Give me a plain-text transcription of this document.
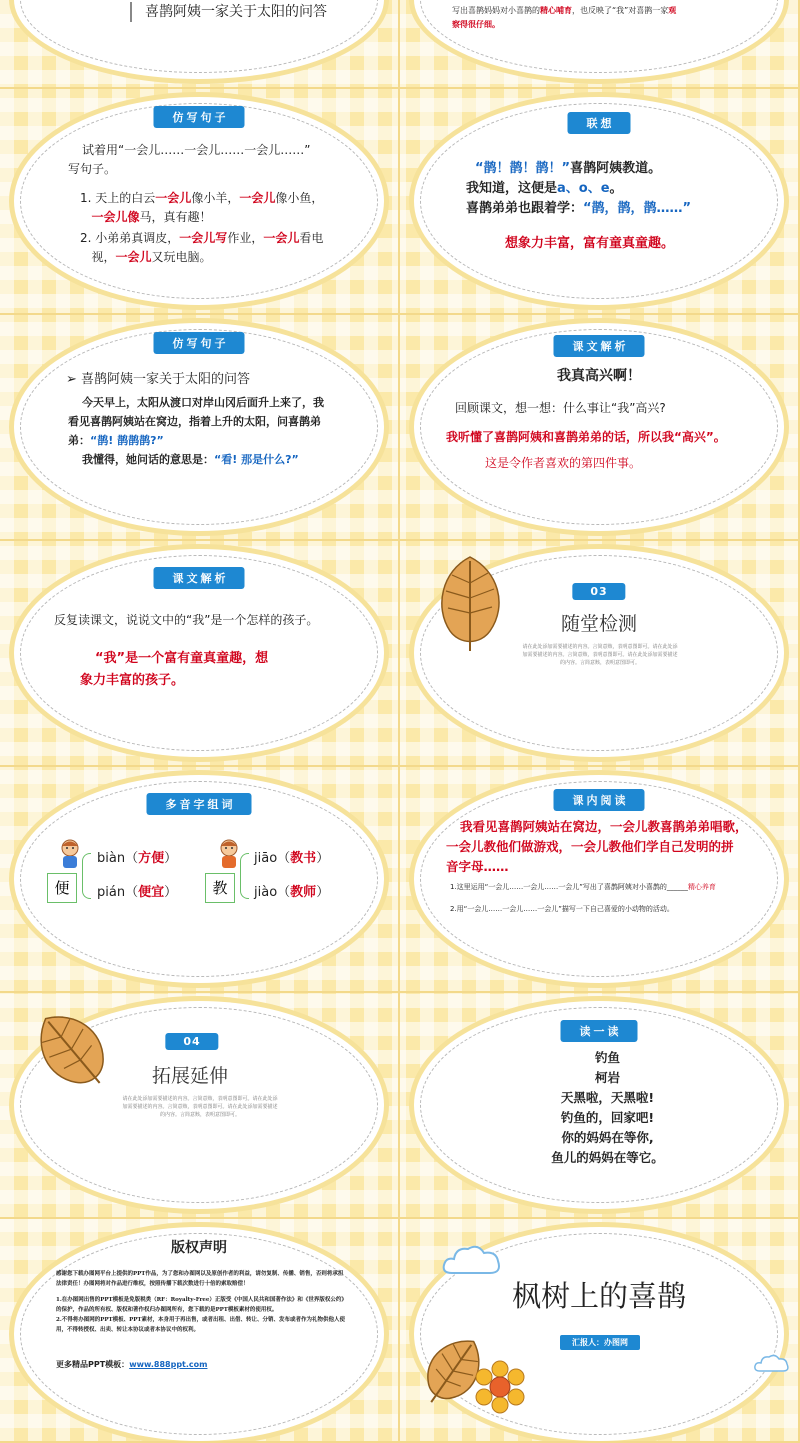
喜鹊阿姨一家关于太阳的问答	写出喜鹊妈妈对小喜鹊的精心哺育，也反映了“我”对喜鹊一家观
察得很仔细。
仿写句子
试着用“一会儿……一会儿……一会儿……”
写句子。
1. 天上的白云一会儿像小羊，一会儿像小鱼，
一会儿像马，真有趣！
2. 小弟弟真调皮，一会儿写作业，一会儿看电
视，一会儿又玩电脑。
联想
“鹊！鹊！鹊！”喜鹊阿姨教道。
我知道，这便是a、o、e。
喜鹊弟弟也跟着学：“鹊，鹊，鹊……”
想象力丰富，富有童真童趣。
仿写句子
➢ 喜鹊阿姨一家关于太阳的问答
今天早上，太阳从渡口对岸山冈后面升上来了，我
看见喜鹊阿姨站在窝边，指着上升的太阳，问喜鹊弟
弟：“鹊! 鹊鹊鹊?”
我懂得，她问话的意思是：“看! 那是什么?”
课文解析
我真高兴啊！
回顾课文，想一想：什么事让“我”高兴?
我听懂了喜鹊阿姨和喜鹊弟弟的话，所以我“高兴”。
这是令作者喜欢的第四件事。
课文解析
反复读课文，说说文中的“我”是一个怎样的孩子。
“我”是一个富有童真童趣，想
象力丰富的孩子。
03
随堂检测
请在此处添加需要描述的内容。言简意赅，表明意图即可。请在此处添
加需要描述的内容。言简意赅，表明意图即可。请在此处添加需要描述
的内容。言简意赅，表明意图即可。
多音字组词
便
biàn（方便）
pián（便宜）	教
jiāo（教书）
jiào（教师）
课内阅读
我看见喜鹊阿姨站在窝边，一会儿教喜鹊弟弟唱歌，
一会儿教他们做游戏，一会儿教他们学自己发明的拼
音字母……
1.这里运用“一会儿……一会儿……一会儿”写出了喜鹊阿姨对小喜鹊的______精心养育
2.用“一会儿……一会儿……一会儿”描写一下自己喜爱的小动物的活动。
04
拓展延伸
请在此处添加需要描述的内容。言简意赅，表明意图即可。请在此处添
加需要描述的内容。言简意赅，表明意图即可。请在此处添加需要描述
的内容。言简意赅，表明意图即可。
读一读
钓鱼
柯岩
天黑啦，天黑啦!
钓鱼的，回家吧!
你的妈妈在等你,
鱼儿的妈妈在等它。
版权声明
感谢您下载办图网平台上提供的PPT作品，为了您和办图网以及原创作者的利益，请勿复制、传播、销售，否则将承担法律责任！办图网将对作品进行维权，按照传播下载次数进行十倍的索取赔偿！
1.在办图网出售的PPT模板是免版税类（RF：Royalty-Free）正版受《中国人民共和国著作法》和《世界版权公约》的保护，作品的所有权、版权和著作权归办图网所有，您下载的是PPT模板素材的使用权。
2.不得将办图网的PPT模板、PPT素材，本身用于再出售，或者出租、出借、转让、分销、发布或者作为礼物供他人使用，不得转授权、出卖、转让本协议或者本协议中的权利。
更多精品PPT模板：www.888ppt.com
枫树上的喜鹊
汇报人：办图网
